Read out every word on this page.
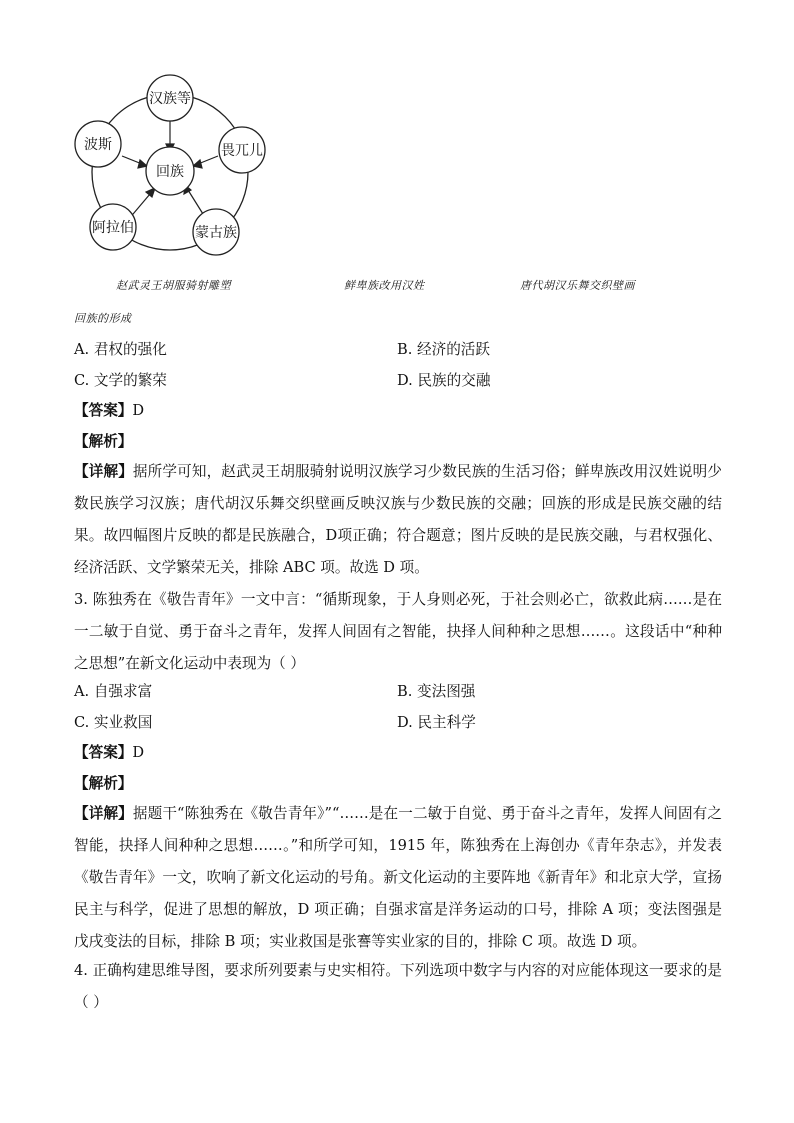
回族
汉族等
畏兀儿
蒙古族
阿拉伯
波斯
赵武灵王胡服骑射雕塑	鲜卑族改用汉姓	唐代胡汉乐舞交织壁画
回族的形成
A. 君权的强化	B. 经济的活跃
C. 文学的繁荣	D. 民族的交融
【答案】D
【解析】
【详解】据所学可知，赵武灵王胡服骑射说明汉族学习少数民族的生活习俗；鲜卑族改用汉姓说明少数民族学习汉族；唐代胡汉乐舞交织壁画反映汉族与少数民族的交融；回族的形成是民族交融的结果。故四幅图片反映的都是民族融合，D项正确；符合题意；图片反映的是民族交融，与君权强化、经济活跃、文学繁荣无关，排除 ABC 项。故选 D 项。
3. 陈独秀在《敬告青年》一文中言：“循斯现象，于人身则必死，于社会则必亡，欲救此病……是在一二敏于自觉、勇于奋斗之青年，发挥人间固有之智能，抉择人间种种之思想……。这段话中“种种之思想”在新文化运动中表现为（ ）
A. 自强求富	B. 变法图强
C. 实业救国	D. 民主科学
【答案】D
【解析】
【详解】据题干“陈独秀在《敬告青年》”“……是在一二敏于自觉、勇于奋斗之青年，发挥人间固有之智能，抉择人间种种之思想……。”和所学可知，1915 年，陈独秀在上海创办《青年杂志》，并发表《敬告青年》一文，吹响了新文化运动的号角。新文化运动的主要阵地《新青年》和北京大学，宣扬民主与科学，促进了思想的解放，D 项正确；自强求富是洋务运动的口号，排除 A 项；变法图强是戊戌变法的目标，排除 B 项；实业救国是张謇等实业家的目的，排除 C 项。故选 D 项。
4. 正确构建思维导图，要求所列要素与史实相符。下列选项中数字与内容的对应能体现这一要求的是（ ）
